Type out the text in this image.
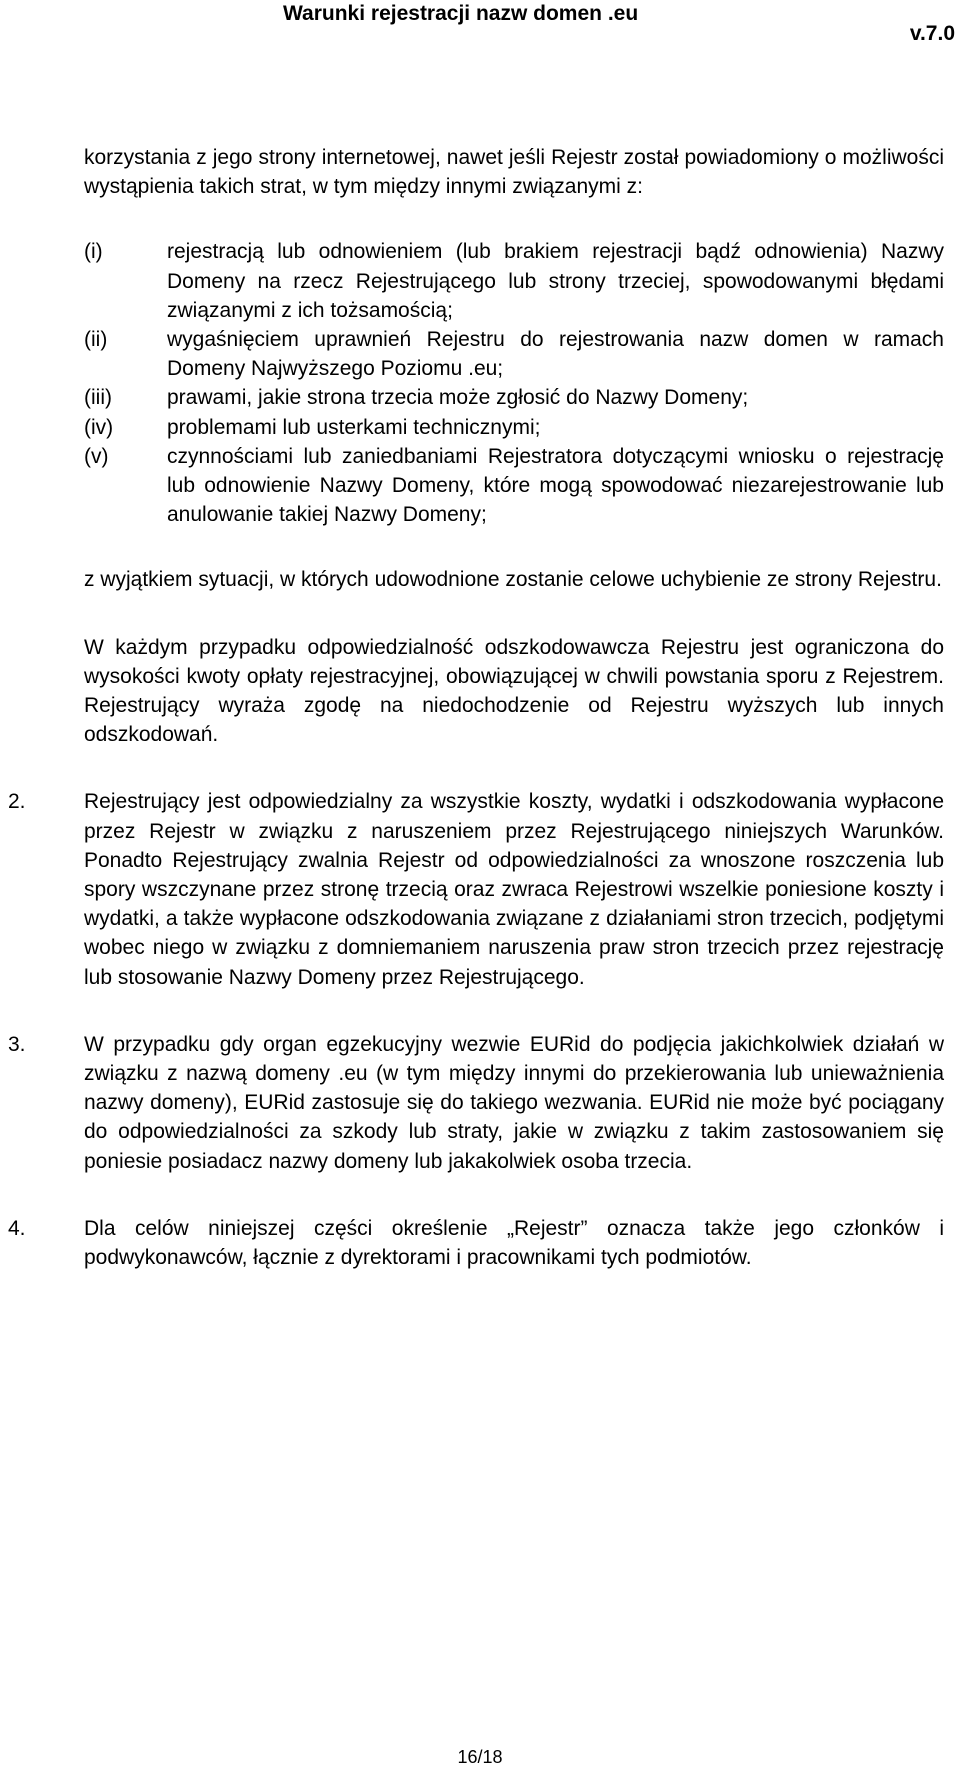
Warunki rejestracji nazw domen .eu
v.7.0

korzystania z jego strony internetowej, nawet jeśli Rejestr został powiadomiony o możliwości wystąpienia takich strat, w tym między innymi związanymi z:

(i)	rejestracją lub odnowieniem (lub brakiem rejestracji bądź odnowienia) Nazwy Domeny na rzecz Rejestrującego lub strony trzeciej, spowodowanymi błędami związanymi z ich tożsamością;

(ii)	wygaśnięciem uprawnień Rejestru do rejestrowania nazw domen w ramach Domeny Najwyższego Poziomu .eu;

(iii)	prawami, jakie strona trzecia może zgłosić do Nazwy Domeny;

(iv)	problemami lub usterkami technicznymi;

(v)	czynnościami lub zaniedbaniami Rejestratora dotyczącymi wniosku o rejestrację lub odnowienie Nazwy Domeny, które mogą spowodować niezarejestrowanie lub anulowanie takiej Nazwy Domeny;

z wyjątkiem sytuacji, w których udowodnione zostanie celowe uchybienie ze strony Rejestru.

W każdym przypadku odpowiedzialność odszkodowawcza Rejestru jest ograniczona do wysokości kwoty opłaty rejestracyjnej, obowiązującej w chwili powstania sporu z Rejestrem. Rejestrujący wyraża zgodę na niedochodzenie od Rejestru wyższych lub innych odszkodowań.

2.	Rejestrujący jest odpowiedzialny za wszystkie koszty, wydatki i odszkodowania wypłacone przez Rejestr w związku z naruszeniem przez Rejestrującego niniejszych Warunków. Ponadto Rejestrujący zwalnia Rejestr od odpowiedzialności za wnoszone roszczenia lub spory wszczynane przez stronę trzecią oraz zwraca Rejestrowi wszelkie poniesione koszty i wydatki, a także wypłacone odszkodowania związane z działaniami stron trzecich, podjętymi wobec niego w związku z domniemaniem naruszenia praw stron trzecich przez rejestrację lub stosowanie Nazwy Domeny przez Rejestrującego.

3.	W przypadku gdy organ egzekucyjny wezwie EURid do podjęcia jakichkolwiek działań w związku z nazwą domeny .eu (w tym między innymi do przekierowania lub unieważnienia nazwy domeny), EURid zastosuje się do takiego wezwania. EURid nie może być pociągany do odpowiedzialności za szkody lub straty, jakie w związku z takim zastosowaniem się poniesie posiadacz nazwy domeny lub jakakolwiek osoba trzecia.

4.	Dla celów niniejszej części określenie „Rejestr” oznacza także jego członków i podwykonawców, łącznie z dyrektorami i pracownikami tych podmiotów.

16/18
